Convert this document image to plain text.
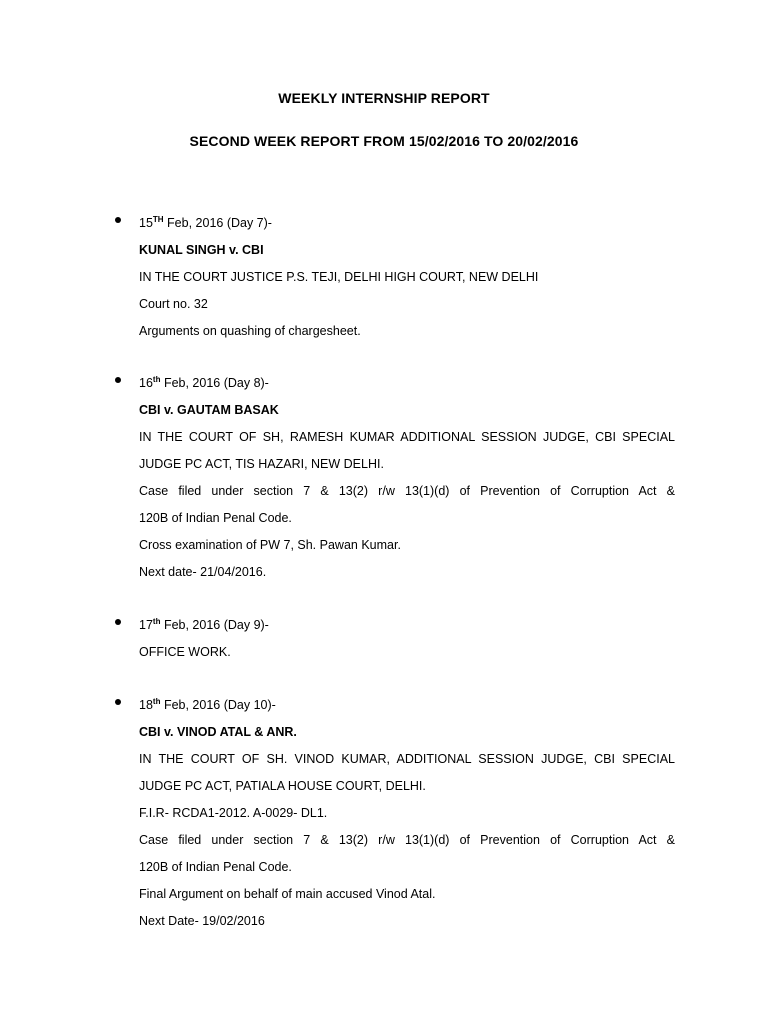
WEEKLY INTERNSHIP REPORT
SECOND WEEK REPORT FROM 15/02/2016 TO 20/02/2016
15TH Feb, 2016 (Day 7)-
KUNAL SINGH v. CBI
IN THE COURT JUSTICE P.S. TEJI, DELHI HIGH COURT, NEW DELHI
Court no. 32
Arguments on quashing of chargesheet.
16th Feb, 2016 (Day 8)-
CBI v. GAUTAM BASAK
IN THE COURT OF SH, RAMESH KUMAR ADDITIONAL SESSION JUDGE, CBI SPECIAL
JUDGE PC ACT, TIS HAZARI, NEW DELHI.
Case filed under section 7 & 13(2) r/w 13(1)(d) of Prevention of Corruption Act &
120B of Indian Penal Code.
Cross examination of PW 7, Sh. Pawan Kumar.
Next date- 21/04/2016.
17th Feb, 2016 (Day 9)-
OFFICE WORK.
18th Feb, 2016 (Day 10)-
CBI v. VINOD ATAL & ANR.
IN THE COURT OF SH. VINOD KUMAR, ADDITIONAL SESSION JUDGE, CBI SPECIAL
JUDGE PC ACT, PATIALA HOUSE COURT, DELHI.
F.I.R- RCDA1-2012. A-0029- DL1.
Case filed under section 7 & 13(2) r/w 13(1)(d) of Prevention of Corruption Act &
120B of Indian Penal Code.
Final Argument on behalf of main accused Vinod Atal.
Next Date- 19/02/2016
